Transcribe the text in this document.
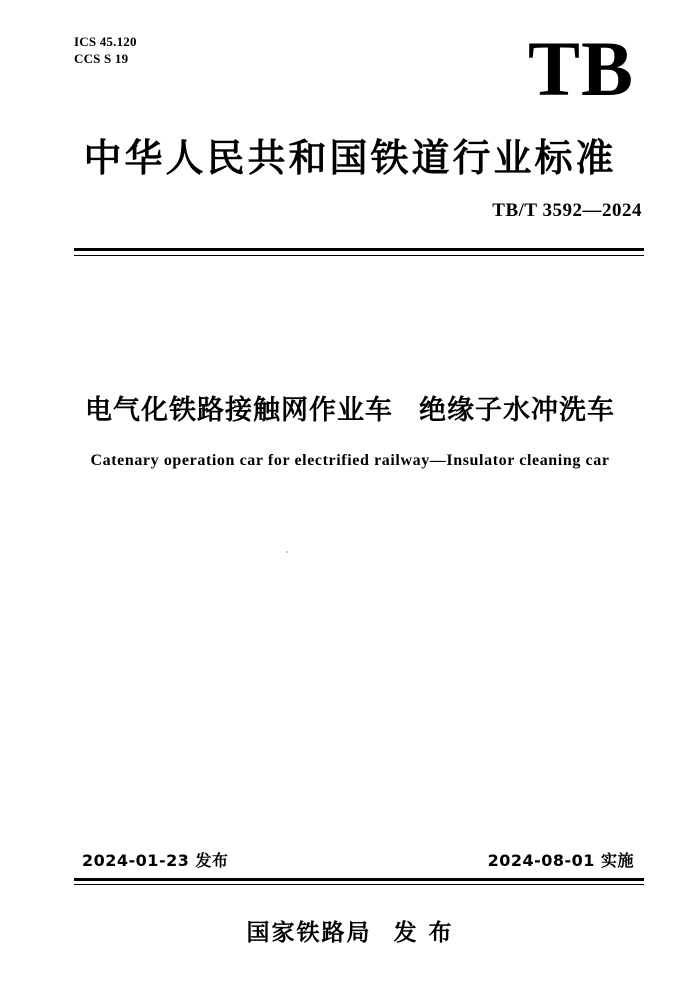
ICS 45.120
CCS S 19	TB
中华人民共和国铁道行业标准
TB/T 3592—2024
电气化铁路接触网作业车 绝缘子水冲洗车
Catenary operation car for electrified railway—Insulator cleaning car
2024-01-23 发布	2024-08-01 实施
国家铁路局 发 布
